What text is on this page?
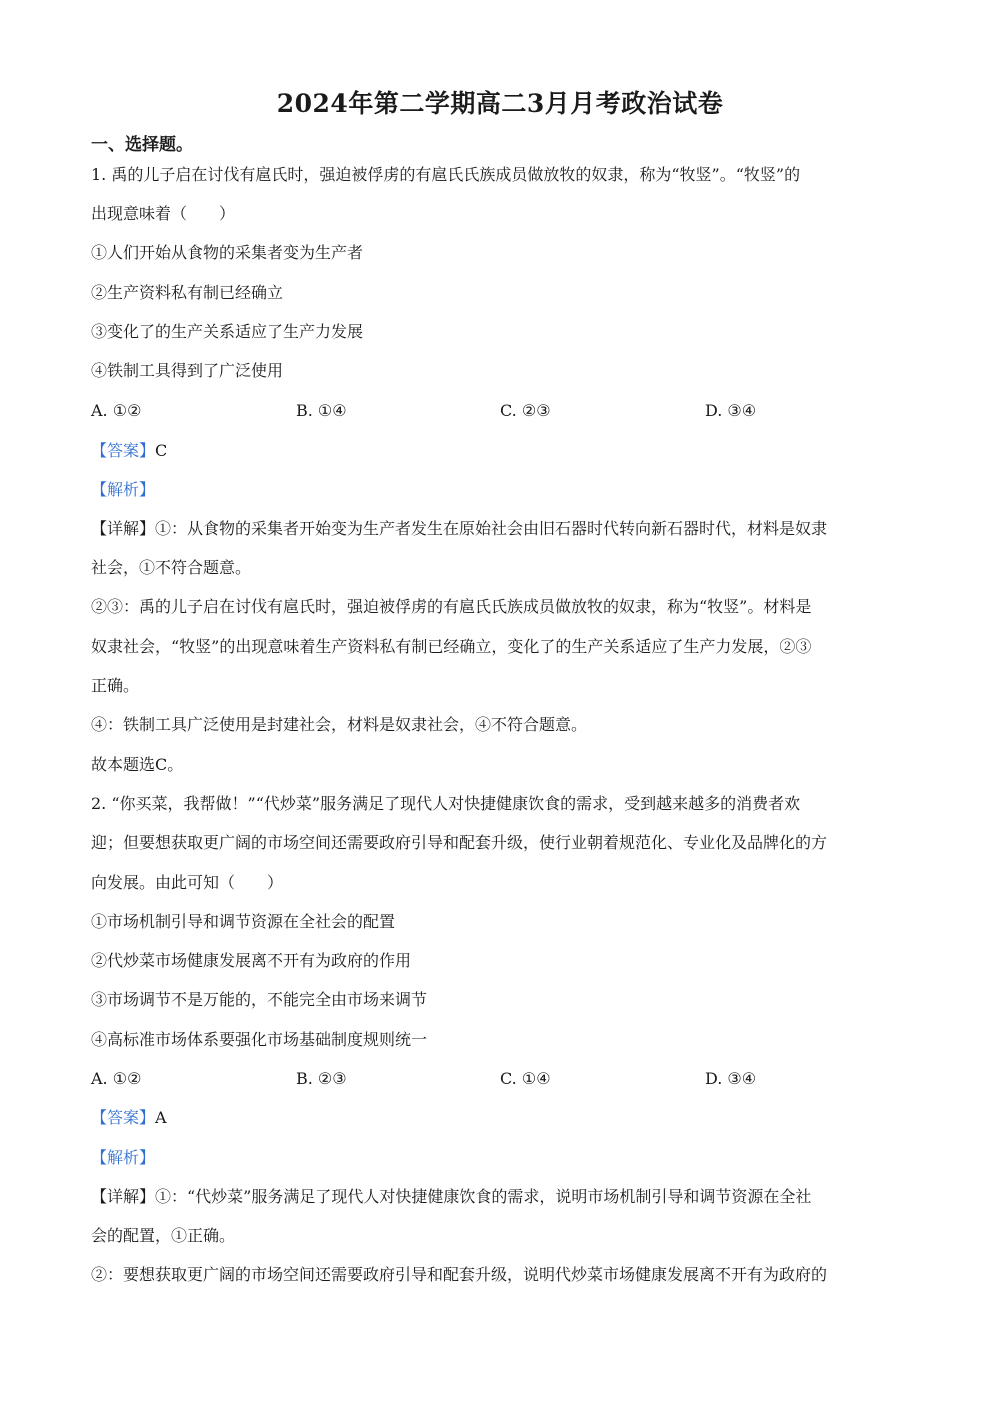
2024年第二学期高二3月月考政治试卷
一、选择题。
1. 禹的儿子启在讨伐有扈氏时，强迫被俘虏的有扈氏氏族成员做放牧的奴隶，称为“牧竖”。“牧竖”的
出现意味着（　　）
①人们开始从食物的采集者变为生产者
②生产资料私有制已经确立
③变化了的生产关系适应了生产力发展
④铁制工具得到了广泛使用
A. ①②	B. ①④	C. ②③	D. ③④
【答案】C
【解析】
【详解】①：从食物的采集者开始变为生产者发生在原始社会由旧石器时代转向新石器时代，材料是奴隶
社会，①不符合题意。
②③：禹的儿子启在讨伐有扈氏时，强迫被俘虏的有扈氏氏族成员做放牧的奴隶，称为“牧竖”。材料是
奴隶社会，“牧竖”的出现意味着生产资料私有制已经确立，变化了的生产关系适应了生产力发展，②③
正确。
④：铁制工具广泛使用是封建社会，材料是奴隶社会，④不符合题意。
故本题选C。
2. “你买菜，我帮做！”“代炒菜”服务满足了现代人对快捷健康饮食的需求，受到越来越多的消费者欢
迎；但要想获取更广阔的市场空间还需要政府引导和配套升级，使行业朝着规范化、专业化及品牌化的方
向发展。由此可知（　　）
①市场机制引导和调节资源在全社会的配置
②代炒菜市场健康发展离不开有为政府的作用
③市场调节不是万能的，不能完全由市场来调节
④高标准市场体系要强化市场基础制度规则统一
A. ①②	B. ②③	C. ①④	D. ③④
【答案】A
【解析】
【详解】①：“代炒菜”服务满足了现代人对快捷健康饮食的需求，说明市场机制引导和调节资源在全社
会的配置，①正确。
②：要想获取更广阔的市场空间还需要政府引导和配套升级，说明代炒菜市场健康发展离不开有为政府的
